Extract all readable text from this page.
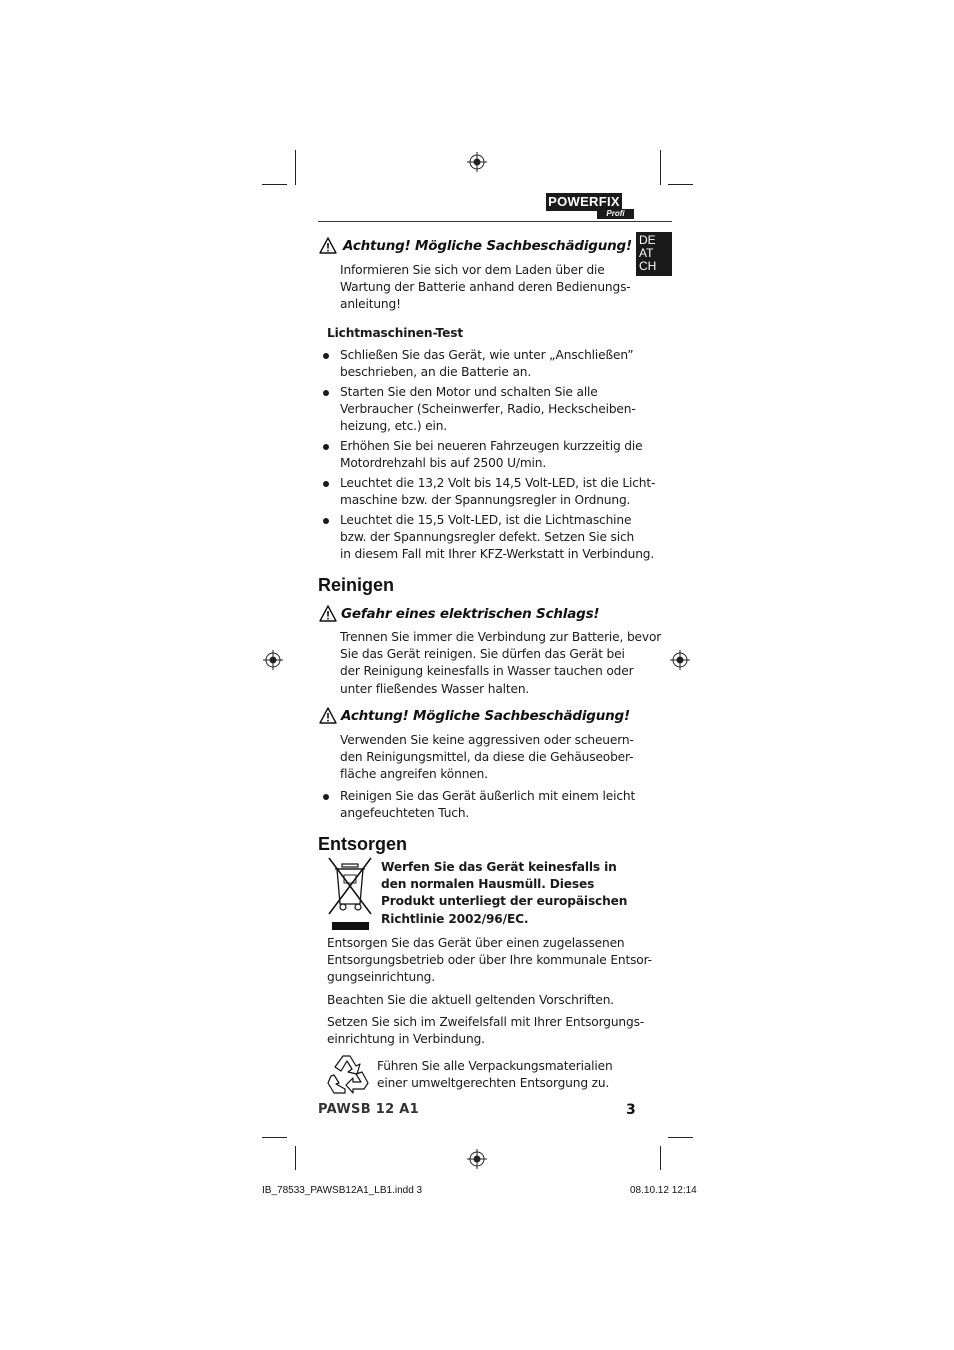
POWERFIX
Profi
DE
AT
CH
Achtung! Mögliche Sachbeschädigung!
Informieren Sie sich vor dem Laden über die
Wartung der Batterie anhand deren Bedienungs-
anleitung!
Lichtmaschinen-Test
Schließen Sie das Gerät, wie unter „Anschließen”
beschrieben, an die Batterie an.
Starten Sie den Motor und schalten Sie alle
Verbraucher (Scheinwerfer, Radio, Heckscheiben-
heizung, etc.) ein.
Erhöhen Sie bei neueren Fahrzeugen kurzzeitig die
Motordrehzahl bis auf 2500 U/min.
Leuchtet die 13,2 Volt bis 14,5 Volt-LED, ist die Licht-
maschine bzw. der Spannungsregler in Ordnung.
Leuchtet die 15,5 Volt-LED, ist die Lichtmaschine
bzw. der Spannungsregler defekt. Setzen Sie sich
in diesem Fall mit Ihrer KFZ-Werkstatt in Verbindung.
Reinigen
Gefahr eines elektrischen Schlags!
Trennen Sie immer die Verbindung zur Batterie, bevor
Sie das Gerät reinigen. Sie dürfen das Gerät bei
der Reinigung keinesfalls in Wasser tauchen oder
unter fließendes Wasser halten.
Achtung! Mögliche Sachbeschädigung!
Verwenden Sie keine aggressiven oder scheuern-
den Reinigungsmittel, da diese die Gehäuseober-
fläche angreifen können.
Reinigen Sie das Gerät äußerlich mit einem leicht
angefeuchteten Tuch.
Entsorgen
Werfen Sie das Gerät keinesfalls in
den normalen Hausmüll. Dieses
Produkt unterliegt der europäischen
Richtlinie 2002/96/EC.
Entsorgen Sie das Gerät über einen zugelassenen
Entsorgungsbetrieb oder über Ihre kommunale Entsor-
gungseinrichtung.
Beachten Sie die aktuell geltenden Vorschriften.
Setzen Sie sich im Zweifelsfall mit Ihrer Entsorgungs-
einrichtung in Verbindung.
Führen Sie alle Verpackungsmaterialien
einer umweltgerechten Entsorgung zu.
PAWSB 12 A1	3
IB_78533_PAWSB12A1_LB1.indd 3	08.10.12 12:14
